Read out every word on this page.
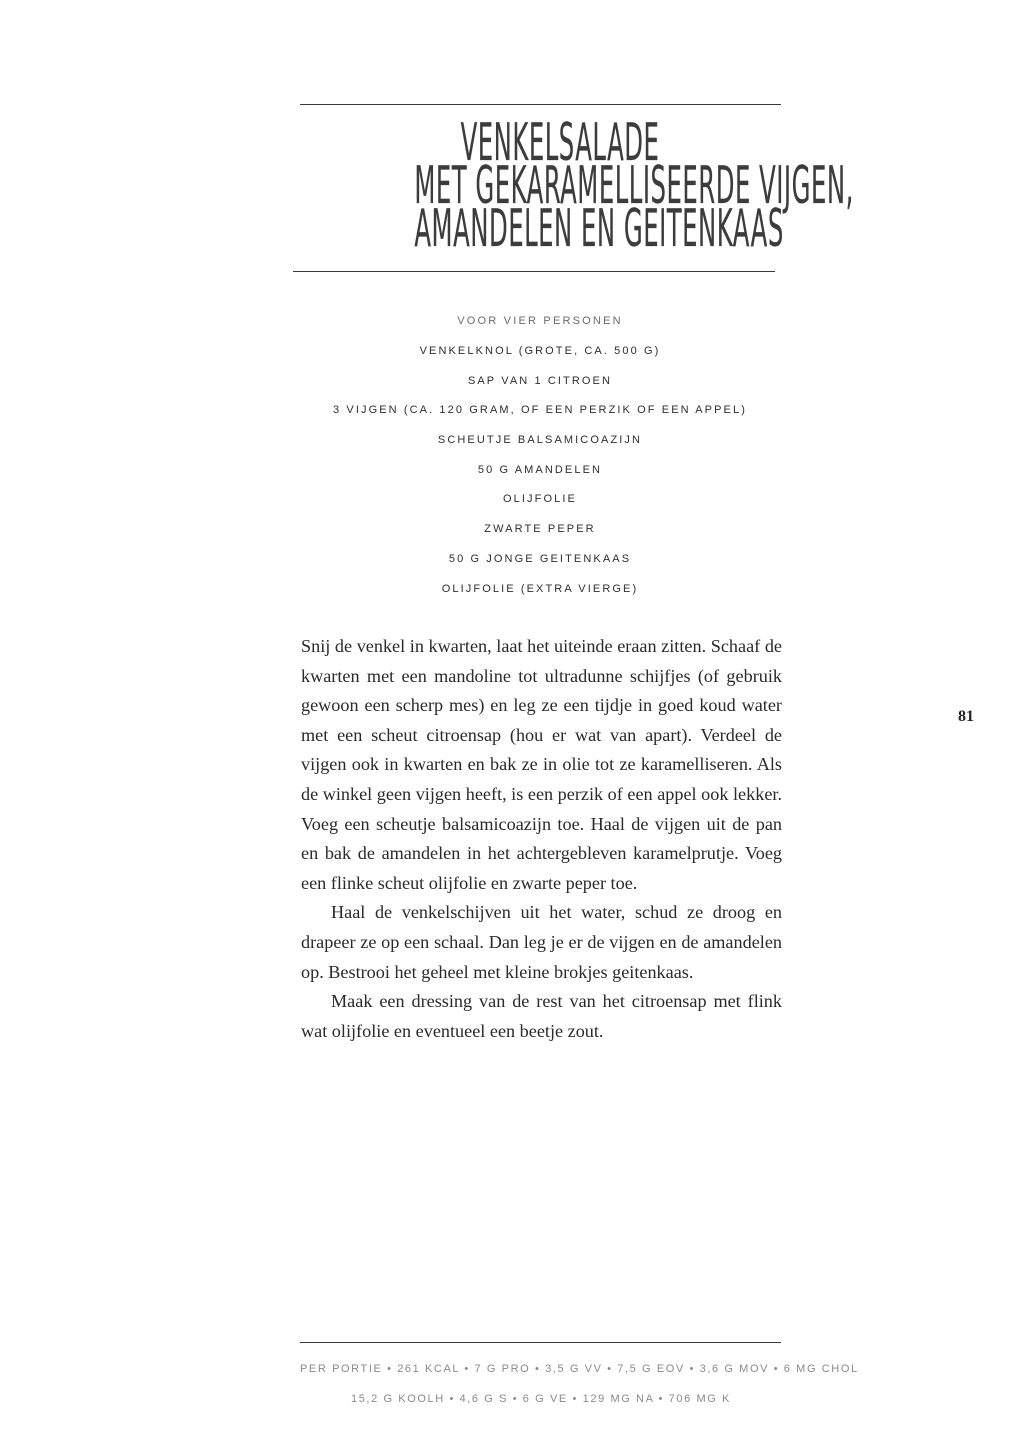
VENKELSALADE
MET GEKARAMELLISEERDE VIJGEN,
AMANDELEN EN GEITENKAAS
VOOR VIER PERSONEN
VENKELKNOL (GROTE, CA. 500 G)
SAP VAN 1 CITROEN
3 VIJGEN (CA. 120 GRAM, OF EEN PERZIK OF EEN APPEL)
SCHEUTJE BALSAMICOAZIJN
50 G AMANDELEN
OLIJFOLIE
ZWARTE PEPER
50 G JONGE GEITENKAAS
OLIJFOLIE (EXTRA VIERGE)

Snij de venkel in kwarten, laat het uiteinde eraan zitten. Schaaf de kwarten met een mandoline tot ultradunne schijfjes (of gebruik gewoon een scherp mes) en leg ze een tijdje in goed koud water met een scheut citroensap (hou er wat van apart). Verdeel de vijgen ook in kwarten en bak ze in olie tot ze karamelliseren. Als de winkel geen vijgen heeft, is een perzik of een appel ook lekker. Voeg een scheutje balsamicoazijn toe. Haal de vijgen uit de pan en bak de amandelen in het achtergebleven karamelprutje. Voeg een flinke scheut olijfolie en zwarte peper toe.

Haal de venkelschijven uit het water, schud ze droog en drapeer ze op een schaal. Dan leg je er de vijgen en de amandelen op. Bestrooi het geheel met kleine brokjes geitenkaas.

Maak een dressing van de rest van het citroensap met flink wat olijfolie en eventueel een beetje zout.

81
PER PORTIE • 261 KCAL • 7 G PRO • 3,5 G VV • 7,5 G EOV • 3,6 G MOV • 6 MG CHOL
15,2 G KOOLH • 4,6 G S • 6 G VE • 129 MG NA • 706 MG K
